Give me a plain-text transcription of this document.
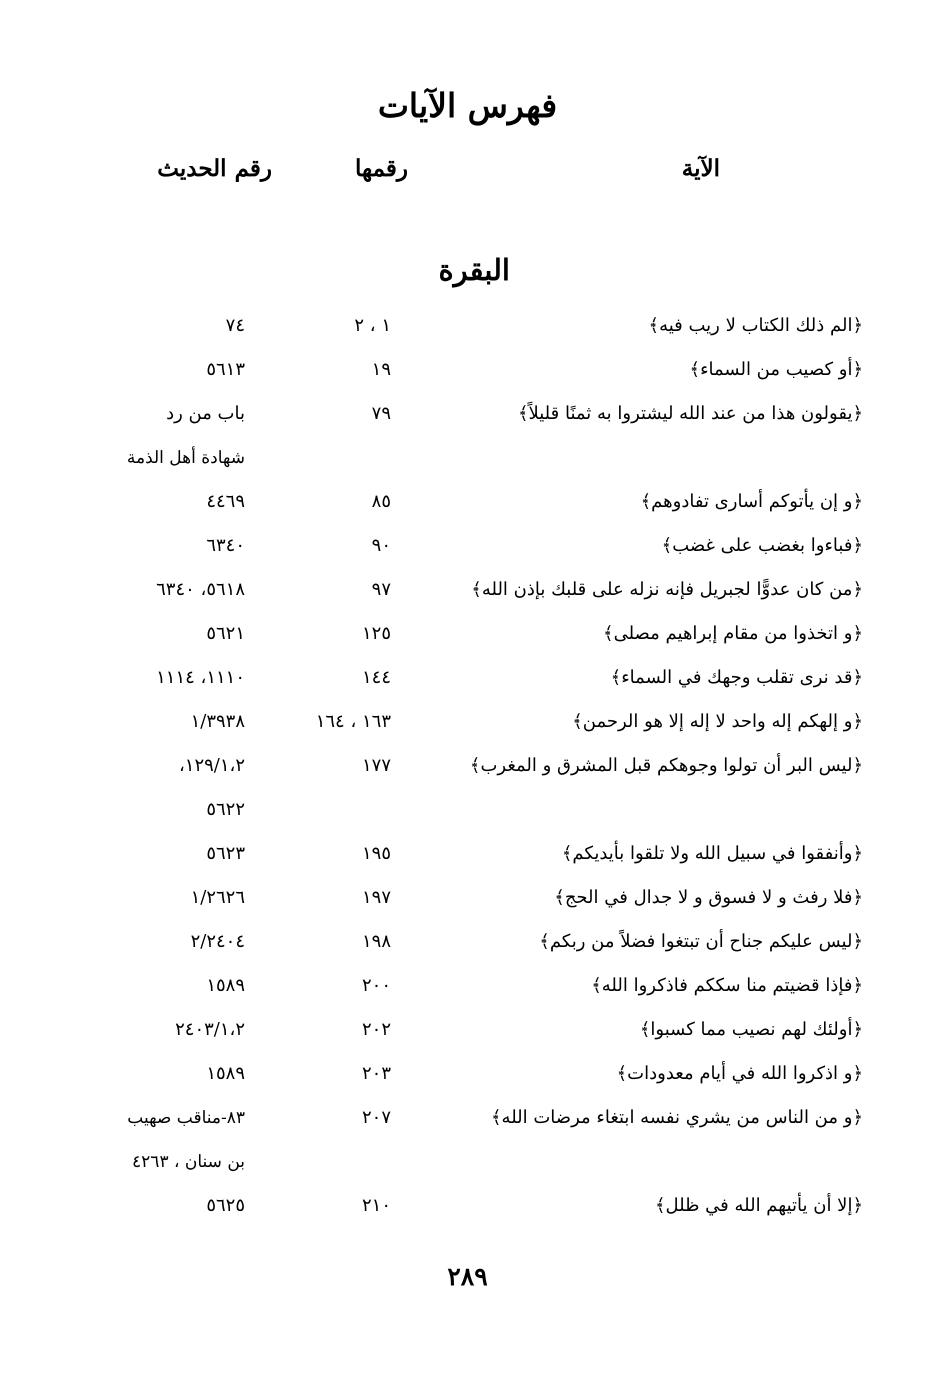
فهرس الآيات
الآية
رقمها
رقم الحديث
البقرة
﴿الم ذلك الكتاب لا ريب فيه﴾
١ ، ٢
٧٤
﴿أو كصيب من السماء﴾
١٩
٥٦١٣
﴿يقولون هذا من عند الله ليشتروا به ثمنًا قليلاً﴾
٧٩
باب من رد
شهادة أهل الذمة
﴿و إن يأتوكم أسارى تفادوهم﴾
٨٥
٤٤٦٩
﴿فباءوا بغضب على غضب﴾
٩٠
٦٣٤٠
﴿من كان عدوًّا لجبريل فإنه نزله على قلبك بإذن الله﴾
٩٧
٥٦١٨، ٦٣٤٠
﴿و اتخذوا من مقام إبراهيم مصلى﴾
١٢٥
٥٦٢١
﴿قد نرى تقلب وجهك في السماء﴾
١٤٤
١١١٠، ١١١٤
﴿و إلهكم إله واحد لا إله إلا هو الرحمن﴾
١٦٣ ، ١٦٤
١/٣٩٣٨
﴿ليس البر أن تولوا وجوهكم قبل المشرق و المغرب﴾
١٧٧
١٢٩/١،٢،
٥٦٢٢
﴿وأنفقوا في سبيل الله ولا تلقوا بأيديكم﴾
١٩٥
٥٦٢٣
﴿فلا رفث و لا فسوق و لا جدال في الحج﴾
١٩٧
١/٢٦٢٦
﴿ليس عليكم جناح أن تبتغوا فضلاً من ربكم﴾
١٩٨
٢/٢٤٠٤
﴿فإذا قضيتم منا سككم فاذكروا الله﴾
٢٠٠
١٥٨٩
﴿أولئك لهم نصيب مما كسبوا﴾
٢٠٢
٢٤٠٣/١،٢
﴿و اذكروا الله في أيام معدودات﴾
٢٠٣
١٥٨٩
﴿و من الناس من يشري نفسه ابتغاء مرضات الله﴾
٢٠٧
٨٣-مناقب صهيب
بن سنان ، ٤٢٦٣
﴿إلا أن يأتيهم الله في ظلل﴾
٢١٠
٥٦٢٥
٢٨٩
